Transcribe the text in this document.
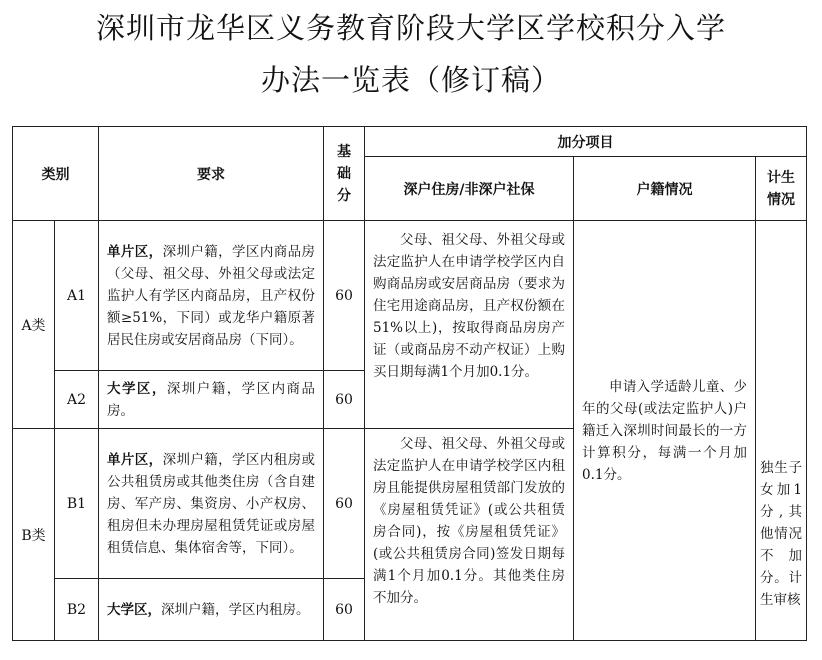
深圳市龙华区义务教育阶段大学区学校积分入学
办法一览表（修订稿）
类别		要求	基础分	加分项目		
				深户住房/非深户社保	户籍情况	计生情况
A类	A1	单片区，深圳户籍，学区内商品房（父母、祖父母、外祖父母或法定监护人有学区内商品房，且产权份额≥51%，下同）或龙华户籍原著居民住房或安居商品房（下同）。	60	父母、祖父母、外祖父母或法定监护人在申请学校学区内自购商品房或安居商品房（要求为住宅用途商品房，且产权份额在51%以上)，按取得商品房房产证（或商品房不动产权证）上购买日期每满1个月加0.1分。	申请入学适龄儿童、少年的父母(或法定监护人)户籍迁入深圳时间最长的一方计算积分，每满一个月加0.1分。	独生子女加1分,其他情况不加分。计生审核
	A2	大学区，深圳户籍，学区内商品房。	60			
B类	B1	单片区，深圳户籍，学区内租房或公共租赁房或其他类住房（含自建房、军产房、集资房、小产权房、租房但未办理房屋租赁凭证或房屋租赁信息、集体宿舍等，下同）。	60	父母、祖父母、外祖父母或法定监护人在申请学校学区内租房且能提供房屋租赁部门发放的《房屋租赁凭证》(或公共租赁房合同)，按《房屋租赁凭证》(或公共租赁房合同)签发日期每满1个月加0.1分。其他类住房不加分。		
	B2	大学区，深圳户籍，学区内租房。	60			
